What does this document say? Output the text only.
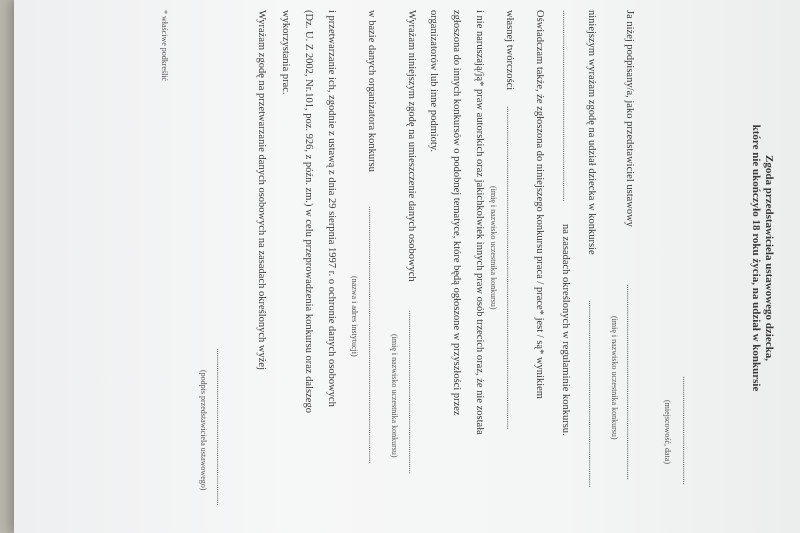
Zgoda przedstawiciela ustawowego dziecka,
które nie ukończyło 18 roku życia, na udział w konkursie
...................................................
(miejscowość, data)
Ja niżej podpisany/a, jako przedstawiciel ustawowy
............................................................................................
(imię i nazwisko uczestnika konkursu)
niniejszym wyrażam zgodę na udział dziecka w konkursie
........................................................................................
..........................................................................................
na zasadach określonych w regulaminie konkursu.
Oświadczam także, że zgłoszona do niniejszego konkursu praca / prace* jest / są* wynikiem
własnej twórczości
........................................................................................................................................................
(imię i nazwisko uczestnika konkursu)
i nie naruszają/ją* praw autorskich oraz jakichkolwiek innych praw osób trzecich oraz, że nie została
zgłoszona do innych konkursów o podobnej tematyce, które będą ogłoszone w przyszłości przez
organizatorów lub inne podmioty.
Wyrażam niniejszym zgodę na umieszczenie danych osobowych
.............................................................................
(imię i nazwisko uczestnika konkursu)
w bazie danych organizatora konkursu
.........................................................................................................................
(nazwa i adres instytucji)
i przetwarzanie ich, zgodnie z ustawą z dnia 29 sierpnia 1997 r. o ochronie danych osobowych
(Dz. U. Z 2002, Nr.101, poz. 926, z późn. zm.) w celu przeprowadzenia konkursu oraz dalszego
wykorzystania prac.
Wyrażam zgodę na przetwarzanie danych osobowych na zasadach określonych wyżej
..........................................................................
(podpis przedstawiciela ustawowego)
* właściwe podkreślić
